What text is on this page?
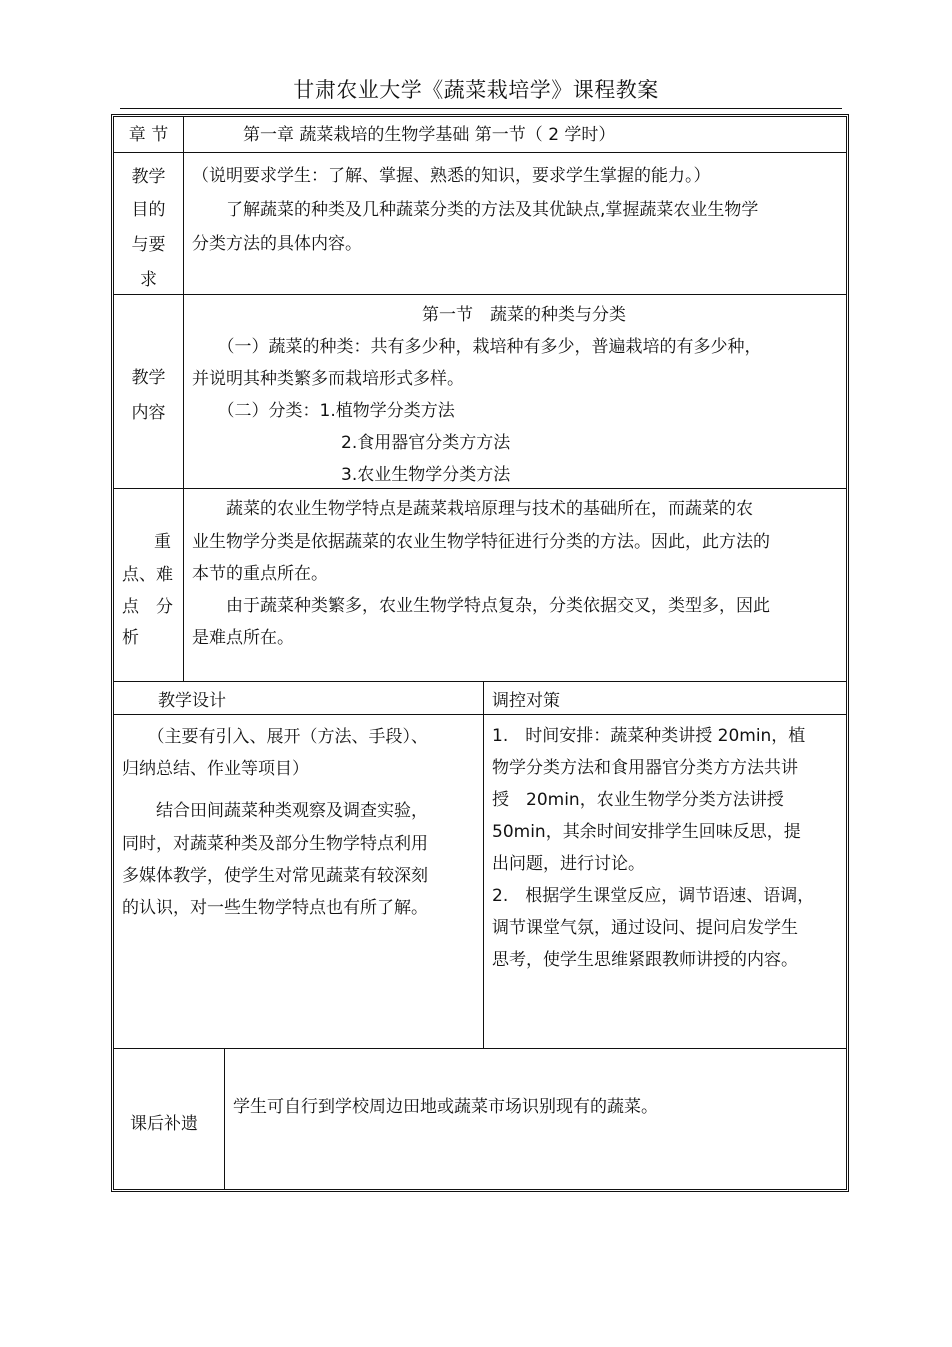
甘肃农业大学《蔬菜栽培学》课程教案
章 节	第一章 蔬菜栽培的生物学基础 第一节（ 2 学时）
教学
目的
与要
求
（说明要求学生：了解、掌握、熟悉的知识，要求学生掌握的能力。）
　　了解蔬菜的种类及几种蔬菜分类的方法及其优缺点,掌握蔬菜农业生物学
分类方法的具体内容。
教学
内容
第一节　蔬菜的种类与分类
　　（一）蔬菜的种类：共有多少种，栽培种有多少，普遍栽培的有多少种，
并说明其种类繁多而栽培形式多样。
　　（二）分类：1.植物学分类方法
2.食用器官分类方方法
3.农业生物学分类方法
重
点、难
点　分
析
　　蔬菜的农业生物学特点是蔬菜栽培原理与技术的基础所在，而蔬菜的农
业生物学分类是依据蔬菜的农业生物学特征进行分类的方法。因此，此方法的
本节的重点所在。
　　由于蔬菜种类繁多，农业生物学特点复杂，分类依据交叉，类型多，因此
是难点所在。
教学设计	调控对策
　　（主要有引入、展开（方法、手段）、
归纳总结、作业等项目）
　　结合田间蔬菜种类观察及调查实验，
同时，对蔬菜种类及部分生物学特点利用
多媒体教学，使学生对常见蔬菜有较深刻
的认识，对一些生物学特点也有所了解。
1.　时间安排：蔬菜种类讲授 20min，植
物学分类方法和食用器官分类方方法共讲
授　20min，农业生物学分类方法讲授
50min，其余时间安排学生回味反思，提
出问题，进行讨论。
2.　根据学生课堂反应，调节语速、语调，
调节课堂气氛，通过设问、提问启发学生
思考，使学生思维紧跟教师讲授的内容。
课后补遗
学生可自行到学校周边田地或蔬菜市场识别现有的蔬菜。
